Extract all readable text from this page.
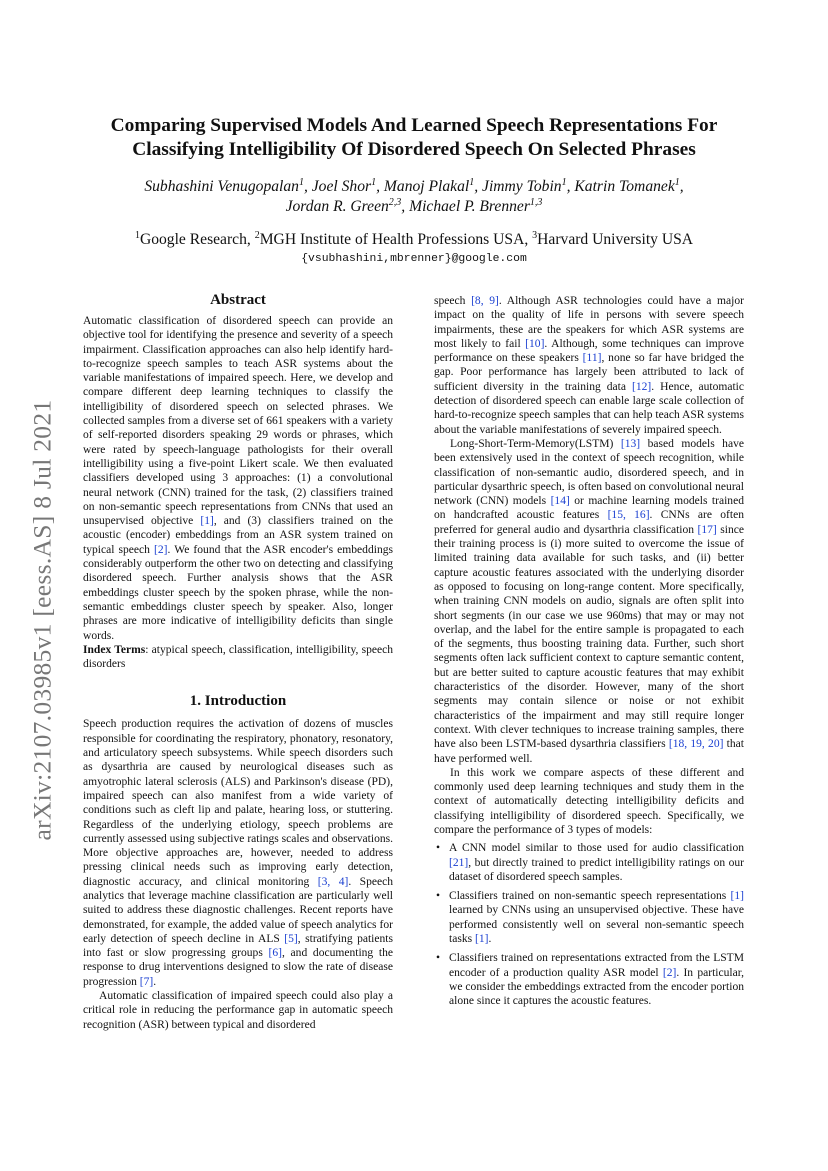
arXiv:2107.03985v1 [eess.AS] 8 Jul 2021
Comparing Supervised Models And Learned Speech Representations For Classifying Intelligibility Of Disordered Speech On Selected Phrases
Subhashini Venugopalan$^1$, Joel Shor$^1$, Manoj Plakal$^1$, Jimmy Tobin$^1$, Katrin Tomanek$^1$,
Jordan R. Green$^{2,3}$, Michael P. Brenner$^{1,3}$
$^1$Google Research, $^2$MGH Institute of Health Professions USA, $^3$Harvard University USA
{vsubhashini,mbrenner}@google.com
Abstract

Automatic classification of disordered speech can provide an objective tool for identifying the presence and severity of a speech impairment. Classification approaches can also help identify hard-to-recognize speech samples to teach ASR systems about the variable manifestations of impaired speech. Here, we develop and compare different deep learning techniques to classify the intelligibility of disordered speech on selected phrases. We collected samples from a diverse set of 661 speakers with a variety of self-reported disorders speaking 29 words or phrases, which were rated by speech-language pathologists for their overall intelligibility using a five-point Likert scale. We then evaluated classifiers developed using 3 approaches: (1) a convolutional neural network (CNN) trained for the task, (2) classifiers trained on non-semantic speech representations from CNNs that used an unsupervised objective [1], and (3) classifiers trained on the acoustic (encoder) embeddings from an ASR system trained on typical speech [2]. We found that the ASR encoder's embeddings considerably outperform the other two on detecting and classifying disordered speech. Further analysis shows that the ASR embeddings cluster speech by the spoken phrase, while the non-semantic embeddings cluster speech by speaker. Also, longer phrases are more indicative of intelligibility deficits than single words.

Index Terms: atypical speech, classification, intelligibility, speech disorders

1. Introduction

Speech production requires the activation of dozens of muscles responsible for coordinating the respiratory, phonatory, resonatory, and articulatory speech subsystems. While speech disorders such as dysarthria are caused by neurological diseases such as amyotrophic lateral sclerosis (ALS) and Parkinson's disease (PD), impaired speech can also manifest from a wide variety of conditions such as cleft lip and palate, hearing loss, or stuttering. Regardless of the underlying etiology, speech problems are currently assessed using subjective ratings scales and observations. More objective approaches are, however, needed to address pressing clinical needs such as improving early detection, diagnostic accuracy, and clinical monitoring [3, 4]. Speech analytics that leverage machine classification are particularly well suited to address these diagnostic challenges. Recent reports have demonstrated, for example, the added value of speech analytics for early detection of speech decline in ALS [5], stratifying patients into fast or slow progressing groups [6], and documenting the response to drug interventions designed to slow the rate of disease progression [7].

Automatic classification of impaired speech could also play a critical role in reducing the performance gap in automatic speech recognition (ASR) between typical and disordered

speech [8, 9]. Although ASR technologies could have a major impact on the quality of life in persons with severe speech impairments, these are the speakers for which ASR systems are most likely to fail [10]. Although, some techniques can improve performance on these speakers [11], none so far have bridged the gap. Poor performance has largely been attributed to lack of sufficient diversity in the training data [12]. Hence, automatic detection of disordered speech can enable large scale collection of hard-to-recognize speech samples that can help teach ASR systems about the variable manifestations of severely impaired speech.

Long-Short-Term-Memory(LSTM) [13] based models have been extensively used in the context of speech recognition, while classification of non-semantic audio, disordered speech, and in particular dysarthric speech, is often based on convolutional neural network (CNN) models [14] or machine learning models trained on handcrafted acoustic features [15, 16]. CNNs are often preferred for general audio and dysarthria classification [17] since their training process is (i) more suited to overcome the issue of limited training data available for such tasks, and (ii) better capture acoustic features associated with the underlying disorder as opposed to focusing on long-range content. More specifically, when training CNN models on audio, signals are often split into short segments (in our case we use 960ms) that may or may not overlap, and the label for the entire sample is propagated to each of the segments, thus boosting training data. Further, such short segments often lack sufficient context to capture semantic content, but are better suited to capture acoustic features that may exhibit characteristics of the disorder. However, many of the short segments may contain silence or noise or not exhibit characteristics of the impairment and may still require longer context. With clever techniques to increase training samples, there have also been LSTM-based dysarthria classifiers [18, 19, 20] that have performed well.

In this work we compare aspects of these different and commonly used deep learning techniques and study them in the context of automatically detecting intelligibility deficits and classifying intelligibility of disordered speech. Specifically, we compare the performance of 3 types of models:

• A CNN model similar to those used for audio classification [21], but directly trained to predict intelligibility ratings on our dataset of disordered speech samples.
• Classifiers trained on non-semantic speech representations [1] learned by CNNs using an unsupervised objective. These have performed consistently well on several non-semantic speech tasks [1].
• Classifiers trained on representations extracted from the LSTM encoder of a production quality ASR model [2]. In particular, we consider the embeddings extracted from the encoder portion alone since it captures the acoustic features.
